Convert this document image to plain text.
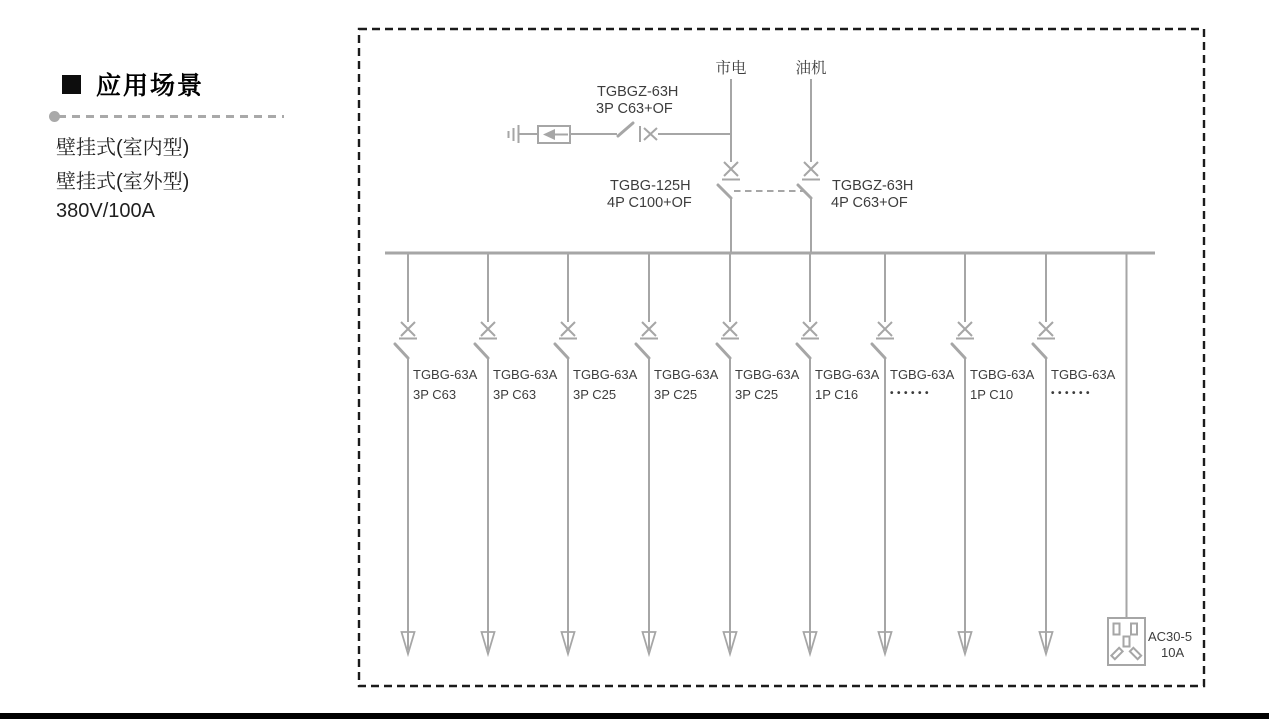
应用场景
壁挂式(室内型)
壁挂式(室外型)
380V/100A
市电	油机
TGBGZ-63H
3P C63+OF
TGBG-125H
4P C100+OF
TGBGZ-63H
4P C63+OF
TGBG-63A
3P C63
TGBG-63A
3P C63
TGBG-63A
3P C25
TGBG-63A
3P C25
TGBG-63A
3P C25
TGBG-63A
1P C16
TGBG-63A
••••••
TGBG-63A
1P C10
TGBG-63A
••••••
AC30-5
10A
